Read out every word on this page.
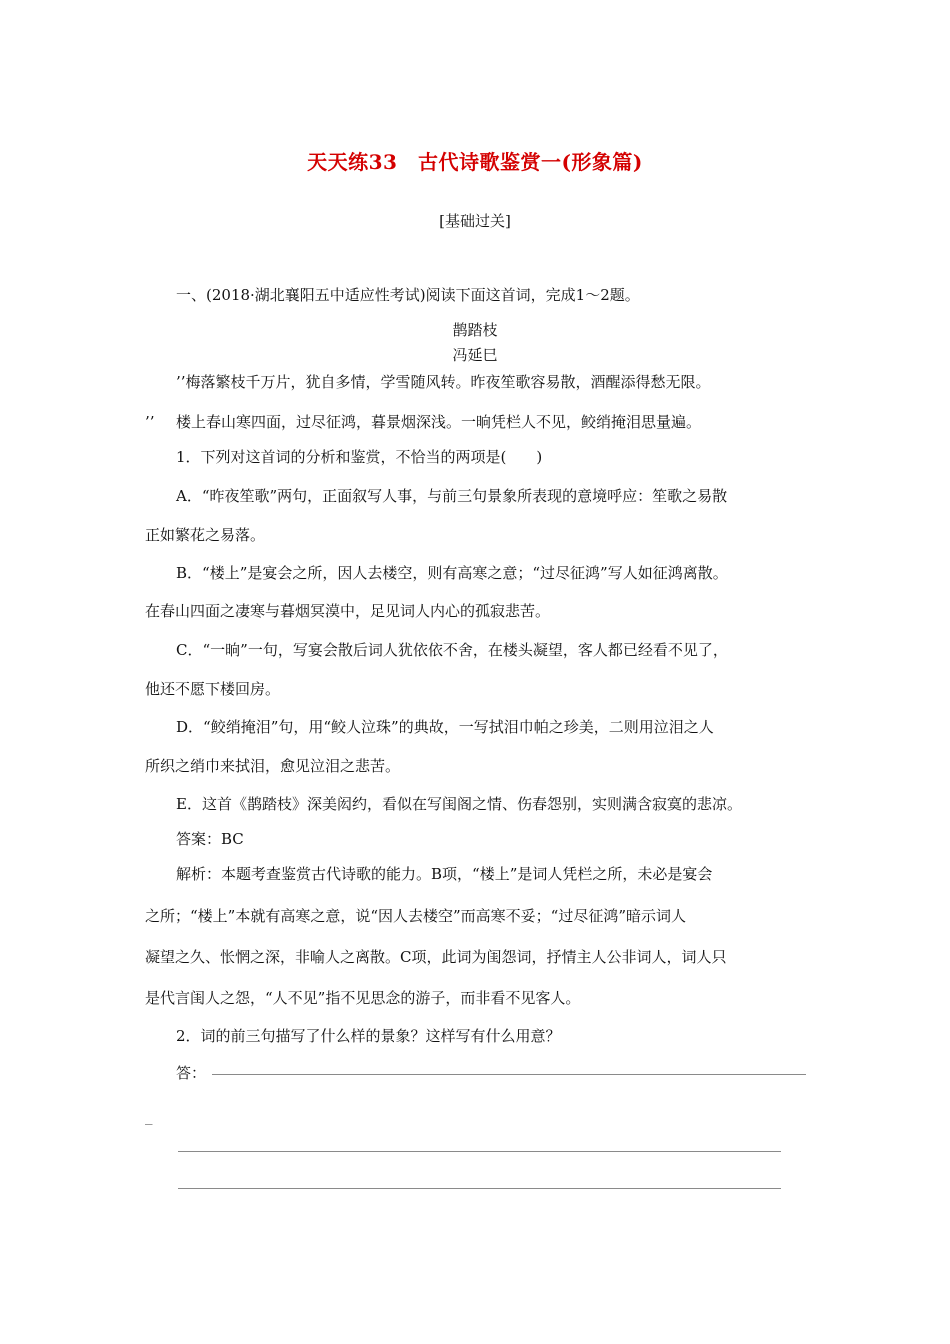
天天练33　古代诗歌鉴赏一(形象篇)
[基础过关]
一、(2018·湖北襄阳五中适应性考试)阅读下面这首词，完成1～2题。
鹊踏枝
冯延巳
’’梅落繁枝千万片，犹自多情，学雪随风转。昨夜笙歌容易散，酒醒添得愁无限。
’’ 楼上春山寒四面，过尽征鸿，暮景烟深浅。一晌凭栏人不见，鲛绡掩泪思量遍。
1．下列对这首词的分析和鉴赏，不恰当的两项是(　　)
A．“昨夜笙歌”两句，正面叙写人事，与前三句景象所表现的意境呼应：笙歌之易散
正如繁花之易落。
B．“楼上”是宴会之所，因人去楼空，则有高寒之意；“过尽征鸿”写人如征鸿离散。
在春山四面之凄寒与暮烟冥漠中，足见词人内心的孤寂悲苦。
C．“一晌”一句，写宴会散后词人犹依依不舍，在楼头凝望，客人都已经看不见了，
他还不愿下楼回房。
D．“鲛绡掩泪”句，用“鲛人泣珠”的典故，一写拭泪巾帕之珍美，二则用泣泪之人
所织之绡巾来拭泪，愈见泣泪之悲苦。
E．这首《鹊踏枝》深美闳约，看似在写闺阁之情、伤春怨别，实则满含寂寞的悲凉。
答案：BC
解析：本题考查鉴赏古代诗歌的能力。B项，“楼上”是词人凭栏之所，未必是宴会
之所；“楼上”本就有高寒之意，说“因人去楼空”而高寒不妥；“过尽征鸿”暗示词人
凝望之久、怅惘之深，非喻人之离散。C项，此词为闺怨词，抒情主人公非词人，词人只
是代言闺人之怨，“人不见”指不见思念的游子，而非看不见客人。
2．词的前三句描写了什么样的景象？这样写有什么用意？
答：
_
